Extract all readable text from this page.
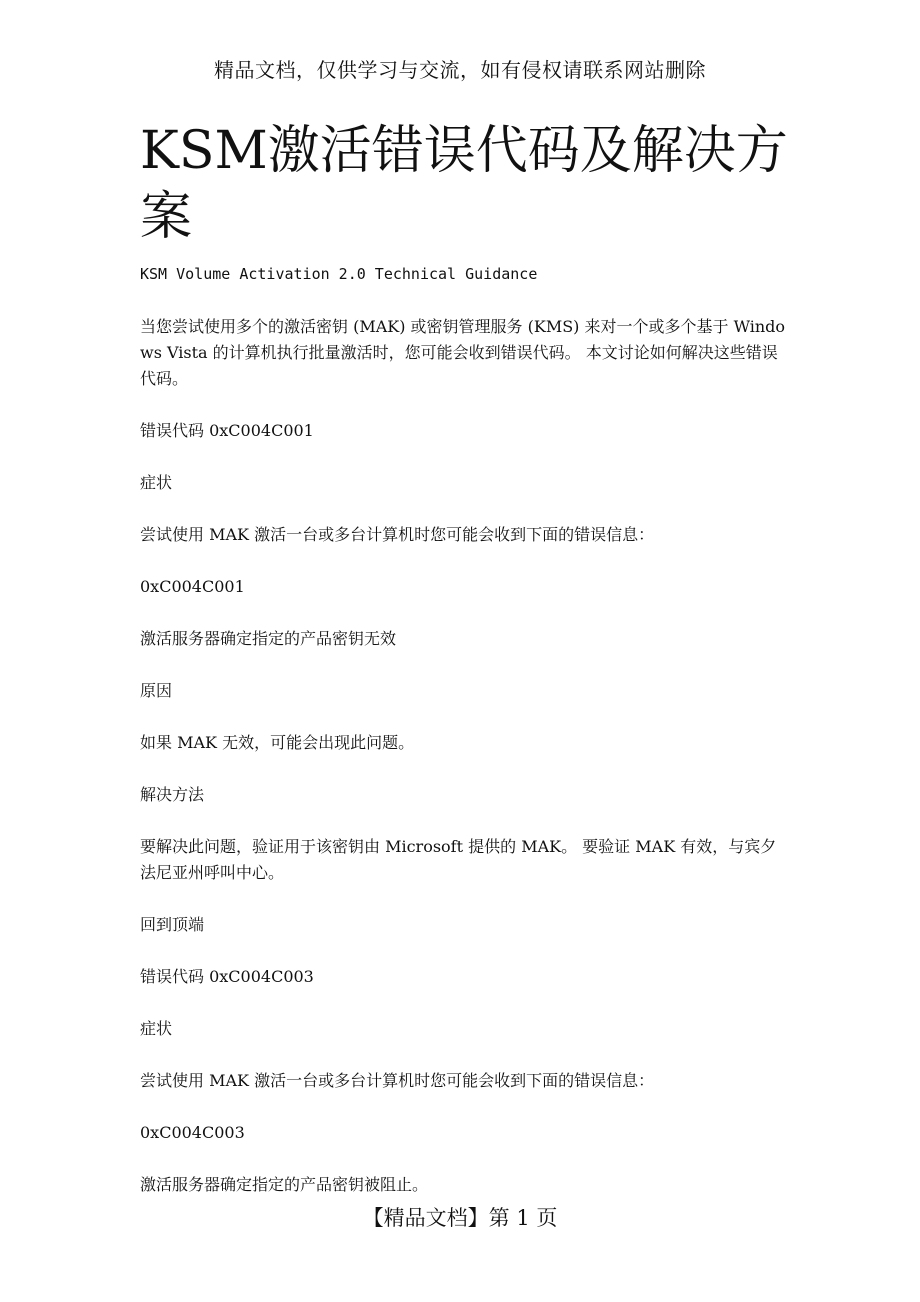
精品文档，仅供学习与交流，如有侵权请联系网站删除
KSM激活错误代码及解决方案
KSM Volume Activation 2.0 Technical Guidance

当您尝试使用多个的激活密钥 (MAK) 或密钥管理服务 (KMS) 来对一个或多个基于 Windows Vista 的计算机执行批量激活时，您可能会收到错误代码。 本文讨论如何解决这些错误代码。

错误代码 0xC004C001

症状

尝试使用 MAK 激活一台或多台计算机时您可能会收到下面的错误信息：

0xC004C001

激活服务器确定指定的产品密钥无效

原因

如果 MAK 无效，可能会出现此问题。

解决方法

要解决此问题，验证用于该密钥由 Microsoft 提供的 MAK。 要验证 MAK 有效，与宾夕法尼亚州呼叫中心。

回到顶端

错误代码 0xC004C003

症状

尝试使用 MAK 激活一台或多台计算机时您可能会收到下面的错误信息：

0xC004C003

激活服务器确定指定的产品密钥被阻止。

【精品文档】第 1 页
